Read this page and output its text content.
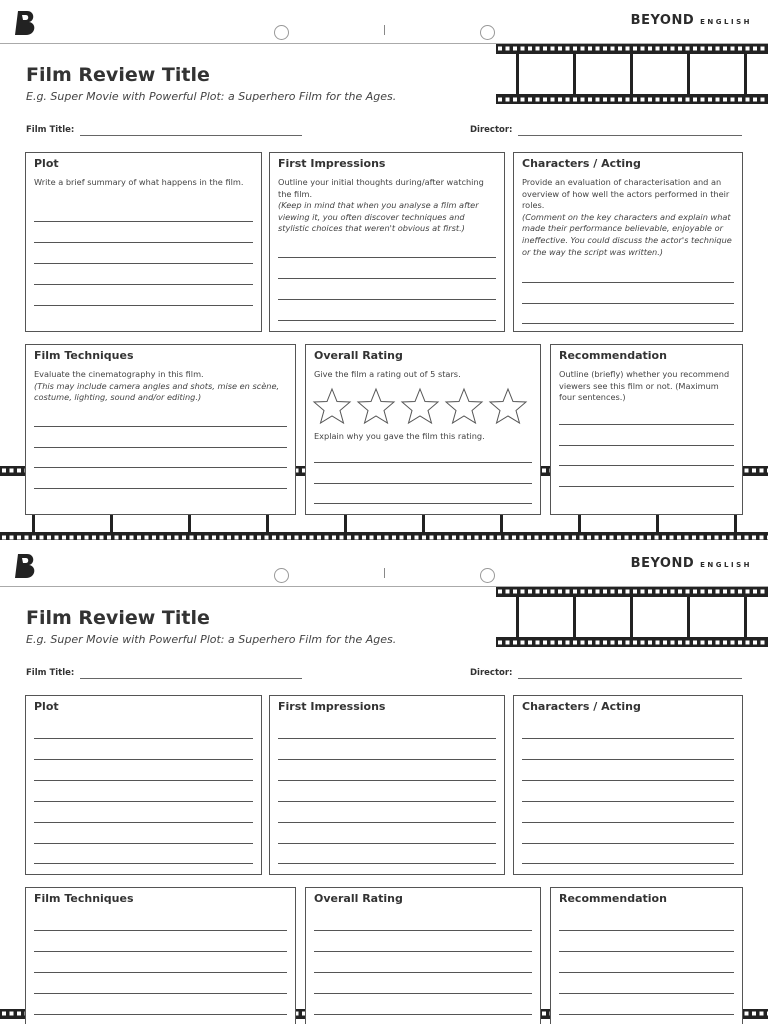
BEYOND ENGLISH
Film Review Title
E.g. Super Movie with Powerful Plot: a Superhero Film for the Ages.
Film Title:	Director:
Plot
Write a brief summary of what happens in the film.
First Impressions
Outline your initial thoughts during/after watching the film.
(Keep in mind that when you analyse a film after viewing it, you often discover techniques and stylistic choices that weren't obvious at first.)
Characters / Acting
Provide an evaluation of characterisation and an overview of how well the actors performed in their roles.
(Comment on the key characters and explain what made their performance believable, enjoyable or ineffective. You could discuss the actor's technique or the way the script was written.)
Film Techniques
Evaluate the cinematography in this film.
(This may include camera angles and shots, mise en scène, costume, lighting, sound and/or editing.)
Overall Rating
Give the film a rating out of 5 stars.
Explain why you gave the film this rating.
Recommendation
Outline (briefly) whether you recommend viewers see this film or not. (Maximum four sentences.)
BEYOND ENGLISH
Film Review Title
E.g. Super Movie with Powerful Plot: a Superhero Film for the Ages.
Film Title:	Director:
Plot	First Impressions	Characters / Acting
Film Techniques	Overall Rating	Recommendation
